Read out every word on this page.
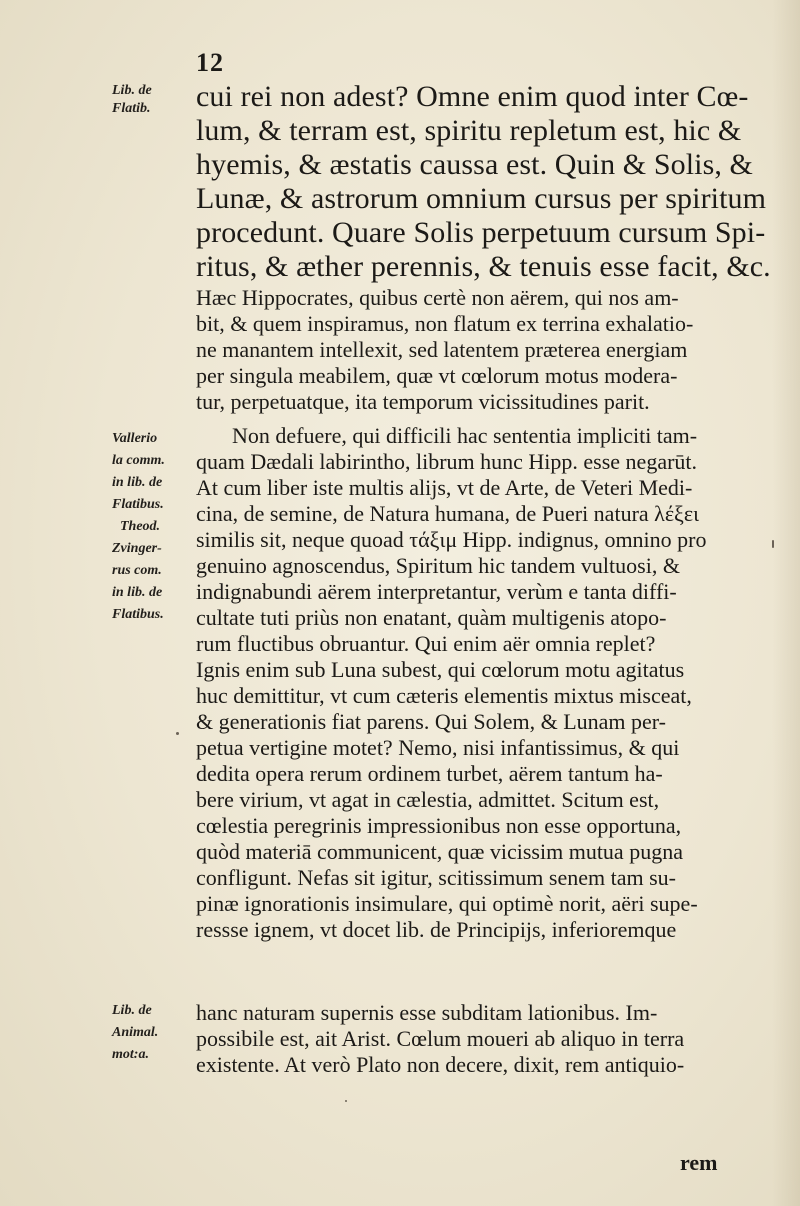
12
Lib. de
Flatib.
Vallerio
la comm.
in lib. de
Flatibus.
Theod.
Zvinger-
rus com.
in lib. de
Flatibus.
Lib. de
Animal.
mot:a.
cui rei non adest? Omne enim quod inter Cœ-
lum, & terram est, spiritu repletum est, hic &
hyemis, & æstatis caussa est. Quin & Solis, &
Lunæ, & astrorum omnium cursus per spiritum
procedunt. Quare Solis perpetuum cursum Spi-
ritus, & æther perennis, & tenuis esse facit, &c.
Hæc Hippocrates, quibus certè non aërem, qui nos am-
bit, & quem inspiramus, non flatum ex terrina exhalatio-
ne manantem intellexit, sed latentem præterea energiam
per singula meabilem, quæ vt cœlorum motus modera-
tur, perpetuatque, ita temporum vicissitudines parit.
Non defuere, qui difficili hac sententia impliciti tam-
quam Dædali labirintho, librum hunc Hipp. esse negarūt.
At cum liber iste multis alijs, vt de Arte, de Veteri Medi-
cina, de semine, de Natura humana, de Pueri natura λέξει
similis sit, neque quoad τάξιμ Hipp. indignus, omnino pro
genuino agnoscendus, Spiritum hic tandem vultuosi, &
indignabundi aërem interpretantur, verùm e tanta diffi-
cultate tuti priùs non enatant, quàm multigenis atopo-
rum fluctibus obruantur. Qui enim aër omnia replet?
Ignis enim sub Luna subest, qui cœlorum motu agitatus
huc demittitur, vt cum cæteris elementis mixtus misceat,
& generationis fiat parens. Qui Solem, & Lunam per-
petua vertigine motet? Nemo, nisi infantissimus, & qui
dedita opera rerum ordinem turbet, aërem tantum ha-
bere virium, vt agat in cælestia, admittet. Scitum est,
cœlestia peregrinis impressionibus non esse opportuna,
quòd materiā communicent, quæ vicissim mutua pugna
confligunt. Nefas sit igitur, scitissimum senem tam su-
pinæ ignorationis insimulare, qui optimè norit, aëri supe-
ressse ignem, vt docet lib. de Principijs, inferioremque
hanc naturam supernis esse subditam lationibus. Im-
possibile est, ait Arist. Cœlum moueri ab aliquo in terra
existente. At verò Plato non decere, dixit, rem antiquio-
rem
